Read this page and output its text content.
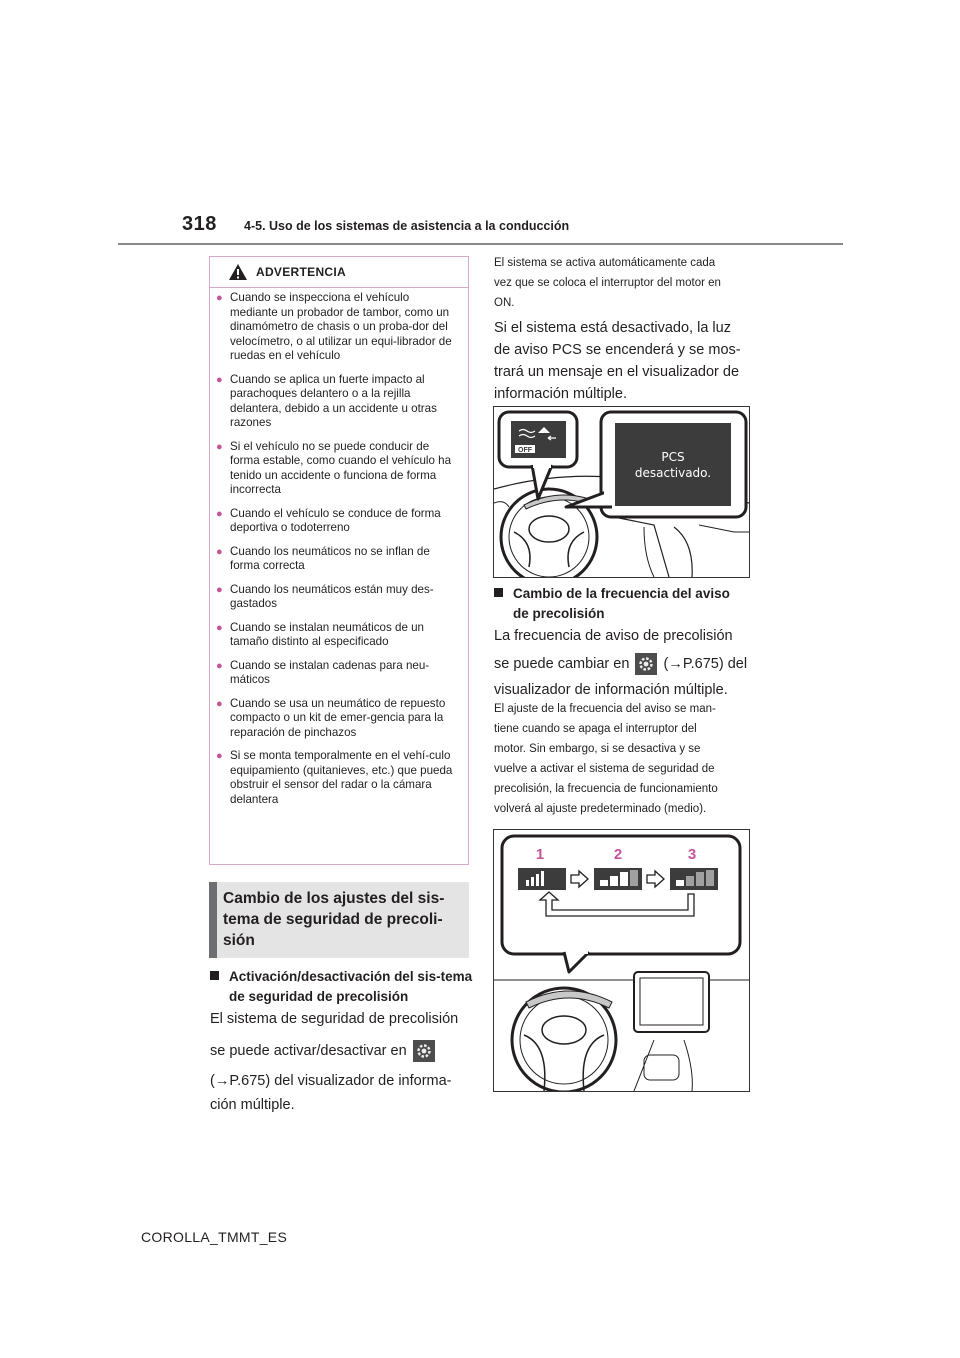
318 4-5. Uso de los sistemas de asistencia a la conducción
ADVERTENCIA
● Cuando se inspecciona el vehículo mediante un probador de tambor, como un dinamómetro de chasis o un proba-dor del velocímetro, o al utilizar un equi-librador de ruedas en el vehículo
● Cuando se aplica un fuerte impacto al parachoques delantero o a la rejilla delantera, debido a un accidente u otras razones
● Si el vehículo no se puede conducir de forma estable, como cuando el vehículo ha tenido un accidente o funciona de forma incorrecta
● Cuando el vehículo se conduce de forma deportiva o todoterreno
● Cuando los neumáticos no se inflan de forma correcta
● Cuando los neumáticos están muy des-gastados
● Cuando se instalan neumáticos de un tamaño distinto al especificado
● Cuando se instalan cadenas para neu-máticos
● Cuando se usa un neumático de repuesto compacto o un kit de emer-gencia para la reparación de pinchazos
● Si se monta temporalmente en el vehí-culo equipamiento (quitanieves, etc.) que pueda obstruir el sensor del radar o la cámara delantera
Cambio de los ajustes del sis-tema de seguridad de precoli-sión
Activación/desactivación del sis-tema de seguridad de precolisión
El sistema de seguridad de precolisión
se puede activar/desactivar en
(→P.675) del visualizador de informa-
ción múltiple.
El sistema se activa automáticamente cada
vez que se coloca el interruptor del motor en
ON.
Si el sistema está desactivado, la luz
de aviso PCS se encenderá y se mos-
trará un mensaje en el visualizador de
información múltiple.
OFF	PCS
desactivado.
Cambio de la frecuencia del aviso
de precolisión
La frecuencia de aviso de precolisión
se puede cambiar en (→P.675) del
visualizador de información múltiple.
El ajuste de la frecuencia del aviso se man-
tiene cuando se apaga el interruptor del
motor. Sin embargo, si se desactiva y se
vuelve a activar el sistema de seguridad de
precolisión, la frecuencia de funcionamiento
volverá al ajuste predeterminado (medio).
1	2	3
COROLLA_TMMT_ES
